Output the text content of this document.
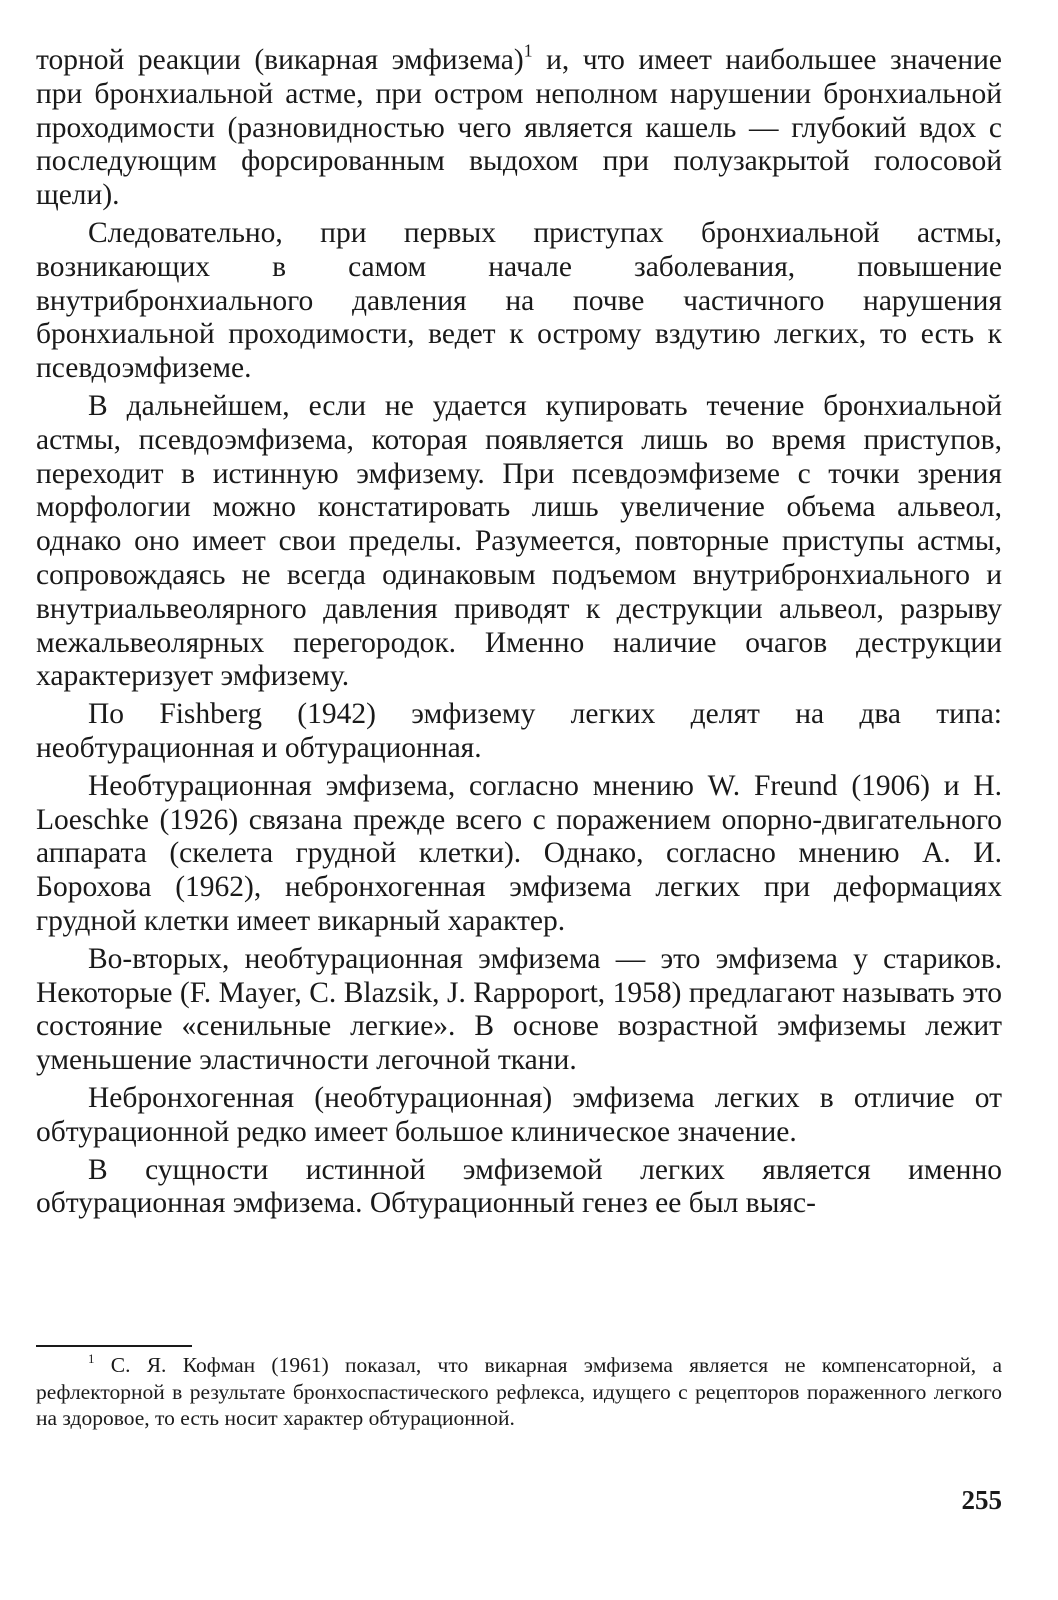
торной реакции (викарная эмфизема)$^1$ и, что имеет наибольшее значение при бронхиальной астме, при остром неполном нарушении бронхиальной проходимости (разновидностью чего является кашель — глубокий вдох с последующим форсированным выдохом при полузакрытой голосовой щели).

Следовательно, при первых приступах бронхиальной астмы, возникающих в самом начале заболевания, повышение внутрибронхиального давления на почве частичного нарушения бронхиальной проходимости, ведет к острому вздутию легких, то есть к псевдоэмфиземе.

В дальнейшем, если не удается купировать течение бронхиальной астмы, псевдоэмфизема, которая появляется лишь во время приступов, переходит в истинную эмфизему. При псевдоэмфиземе с точки зрения морфологии можно констатировать лишь увеличение объема альвеол, однако оно имеет свои пределы. Разумеется, повторные приступы астмы, сопровождаясь не всегда одинаковым подъемом внутрибронхиального и внутриальвеолярного давления приводят к деструкции альвеол, разрыву межальвеолярных перегородок. Именно наличие очагов деструкции характеризует эмфизему.

По Fishberg (1942) эмфизему легких делят на два типа: необтурационная и обтурационная.

Необтурационная эмфизема, согласно мнению W. Freund (1906) и H. Loeschke (1926) связана прежде всего с поражением опорно-двигательного аппарата (скелета грудной клетки). Однако, согласно мнению А. И. Борохова (1962), небронхогенная эмфизема легких при деформациях грудной клетки имеет викарный характер.

Во-вторых, необтурационная эмфизема — это эмфизема у стариков. Некоторые (F. Mayer, C. Blazsik, J. Rappoport, 1958) предлагают называть это состояние «сенильные легкие». В основе возрастной эмфиземы лежит уменьшение эластичности легочной ткани.

Небронхогенная (необтурационная) эмфизема легких в отличие от обтурационной редко имеет большое клиническое значение.

В сущности истинной эмфиземой легких является именно обтурационная эмфизема. Обтурационный генез ее был выяс-

$^1$ С. Я. Кофман (1961) показал, что викарная эмфизема является не компенсаторной, а рефлекторной в результате бронхоспастического рефлекса, идущего с рецепторов пораженного легкого на здоровое, то есть носит характер обтурационной.

255
